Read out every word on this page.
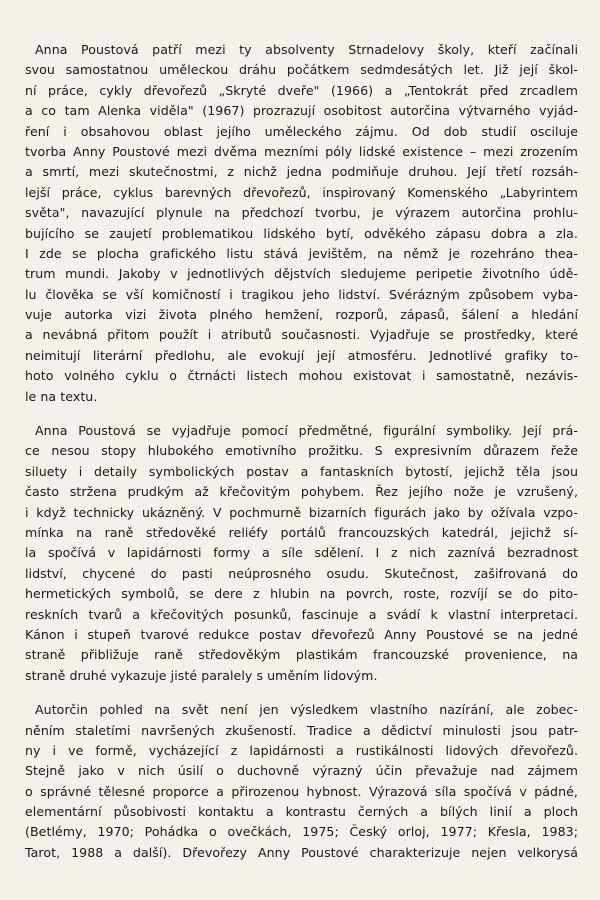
Anna Poustová patří mezi ty absolventy Strnadelovy školy, kteří začínali
svou samostatnou uměleckou dráhu počátkem sedmdesátých let. Již její škol-
ní práce, cykly dřevořezů „Skryté dveře" (1966) a „Tentokrát před zrcadlem
a co tam Alenka viděla" (1967) prozrazují osobitost autorčina výtvarného vyjád-
ření i obsahovou oblast jejího uměleckého zájmu. Od dob studií osciluje
tvorba Anny Poustové mezi dvěma mezními póly lidské existence – mezi zrozením
a smrtí, mezi skutečnostmi, z nichž jedna podmiňuje druhou. Její třetí rozsáh-
lejší práce, cyklus barevných dřevořezů, inspirovaný Komenského „Labyrintem
světa", navazující plynule na předchozí tvorbu, je výrazem autorčina prohlu-
bujícího se zaujetí problematikou lidského bytí, odvěkého zápasu dobra a zla.
I zde se plocha grafického listu stává jevištěm, na němž je rozehráno thea-
trum mundi. Jakoby v jednotlivých dějstvích sledujeme peripetie životního údě-
lu člověka se vší komičností i tragikou jeho lidství. Svérázným způsobem vyba-
vuje autorka vizi života plného hemžení, rozporů, zápasů, šálení a hledání
a nevábná přitom použít i atributů současnosti. Vyjadřuje se prostředky, které
neimitují literární předlohu, ale evokují její atmosféru. Jednotlivé grafiky to-
hoto volného cyklu o čtrnácti listech mohou existovat i samostatně, nezávis-
le na textu.
Anna Poustová se vyjadřuje pomocí předmětné, figurální symboliky. Její prá-
ce nesou stopy hlubokého emotivního prožitku. S expresivním důrazem řeže
siluety i detaily symbolických postav a fantaskních bytostí, jejichž těla jsou
často stržena prudkým až křečovitým pohybem. Řez jejího nože je vzrušený,
i když technicky ukázněný. V pochmurně bizarních figurách jako by ožívala vzpo-
mínka na raně středověké reliéfy portálů francouzských katedrál, jejichž sí-
la spočívá v lapidárnosti formy a síle sdělení. I z nich zaznívá bezradnost
lidství, chycené do pasti neúprosného osudu. Skutečnost, zašifrovaná do
hermetických symbolů, se dere z hlubin na povrch, roste, rozvíjí se do pito-
reskních tvarů a křečovitých posunků, fascinuje a svádí k vlastní interpretaci.
Kánon i stupeň tvarové redukce postav dřevořezů Anny Poustové se na jedné
straně přibližuje raně středověkým plastikám francouzské provenience, na
straně druhé vykazuje jisté paralely s uměním lidovým.
Autorčin pohled na svět není jen výsledkem vlastního nazírání, ale zobec-
něním staletími navršených zkušeností. Tradice a dědictví minulosti jsou patr-
ny i ve formě, vycházející z lapidárnosti a rustikálnosti lidových dřevořezů.
Stejně jako v nich úsilí o duchovně výrazný účin převažuje nad zájmem
o správné tělesné proporce a přirozenou hybnost. Výrazová síla spočívá v pádné,
elementární působivosti kontaktu a kontrastu černých a bílých linií a ploch
(Betlémy, 1970; Pohádka o ovečkách, 1975; Český orloj, 1977; Křesla, 1983;
Tarot, 1988 a další). Dřevořezy Anny Poustové charakterizuje nejen velkorysá
